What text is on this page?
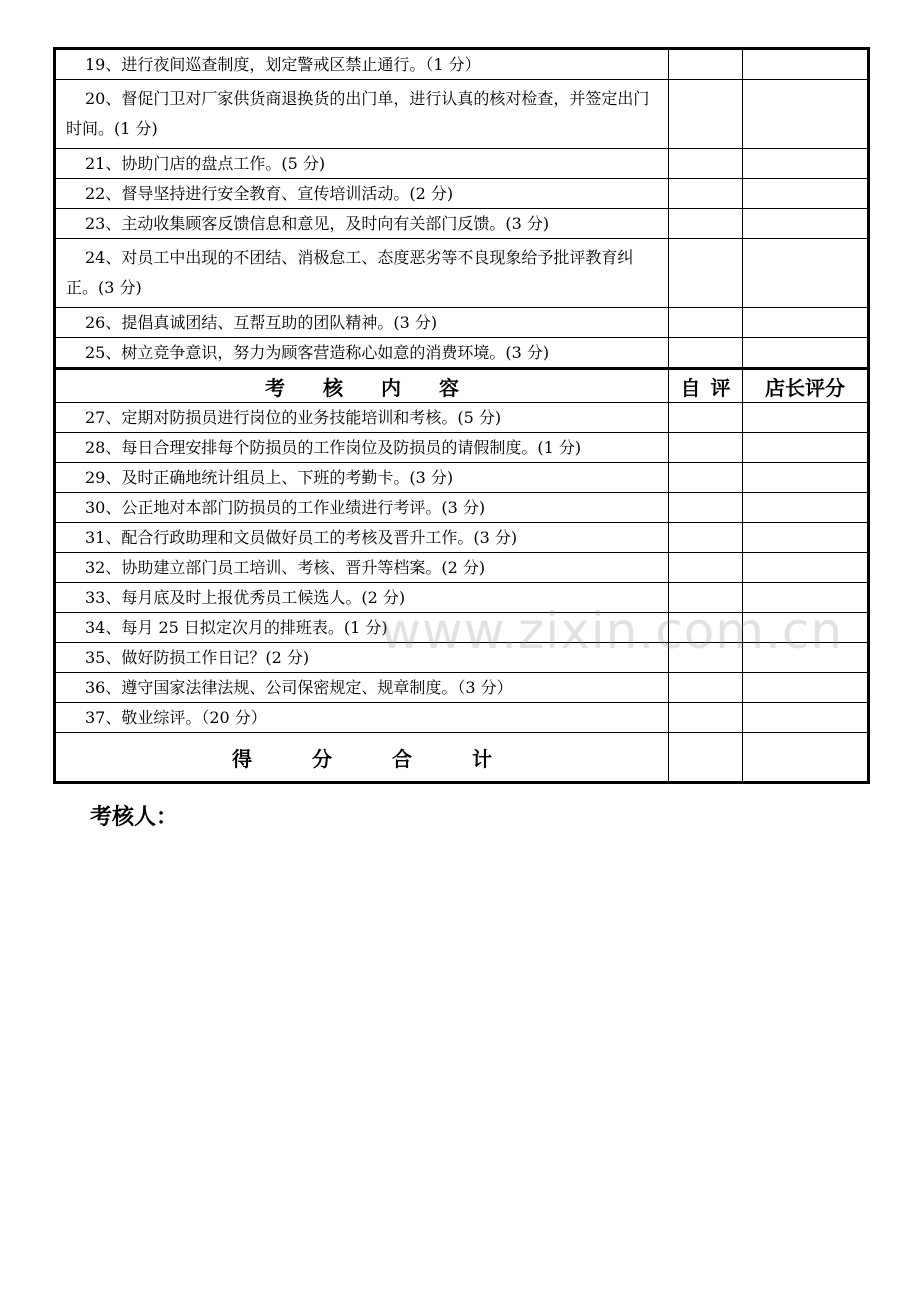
19、进行夜间巡查制度，划定警戒区禁止通行。（1 分）		

20、督促门卫对厂家供货商退换货的出门单，进行认真的核对检查，并签定出门时间。(1 分)		

21、协助门店的盘点工作。(5 分)		

22、督导坚持进行安全教育、宣传培训活动。(2 分)		

23、主动收集顾客反馈信息和意见，及时向有关部门反馈。(3 分)		

24、对员工中出现的不团结、消极怠工、态度恶劣等不良现象给予批评教育纠正。(3 分)		

26、提倡真诚团结、互帮互助的团队精神。(3 分)		

25、树立竞争意识，努力为顾客营造称心如意的消费环境。(3 分)		

考核内容	自评	店长评分

27、定期对防损员进行岗位的业务技能培训和考核。(5 分)		

28、每日合理安排每个防损员的工作岗位及防损员的请假制度。(1 分)		

29、及时正确地统计组员上、下班的考勤卡。(3 分)		

30、公正地对本部门防损员的工作业绩进行考评。(3 分)		

31、配合行政助理和文员做好员工的考核及晋升工作。(3 分)		

32、协助建立部门员工培训、考核、晋升等档案。(2 分)		

33、每月底及时上报优秀员工候选人。(2 分)		

34、每月 25 日拟定次月的排班表。(1 分)		

35、做好防损工作日记？(2 分)		

36、遵守国家法律法规、公司保密规定、规章制度。（3 分）		

37、敬业综评。（20 分）		

得分合计		
考核人：
www.zixin.com.cn
